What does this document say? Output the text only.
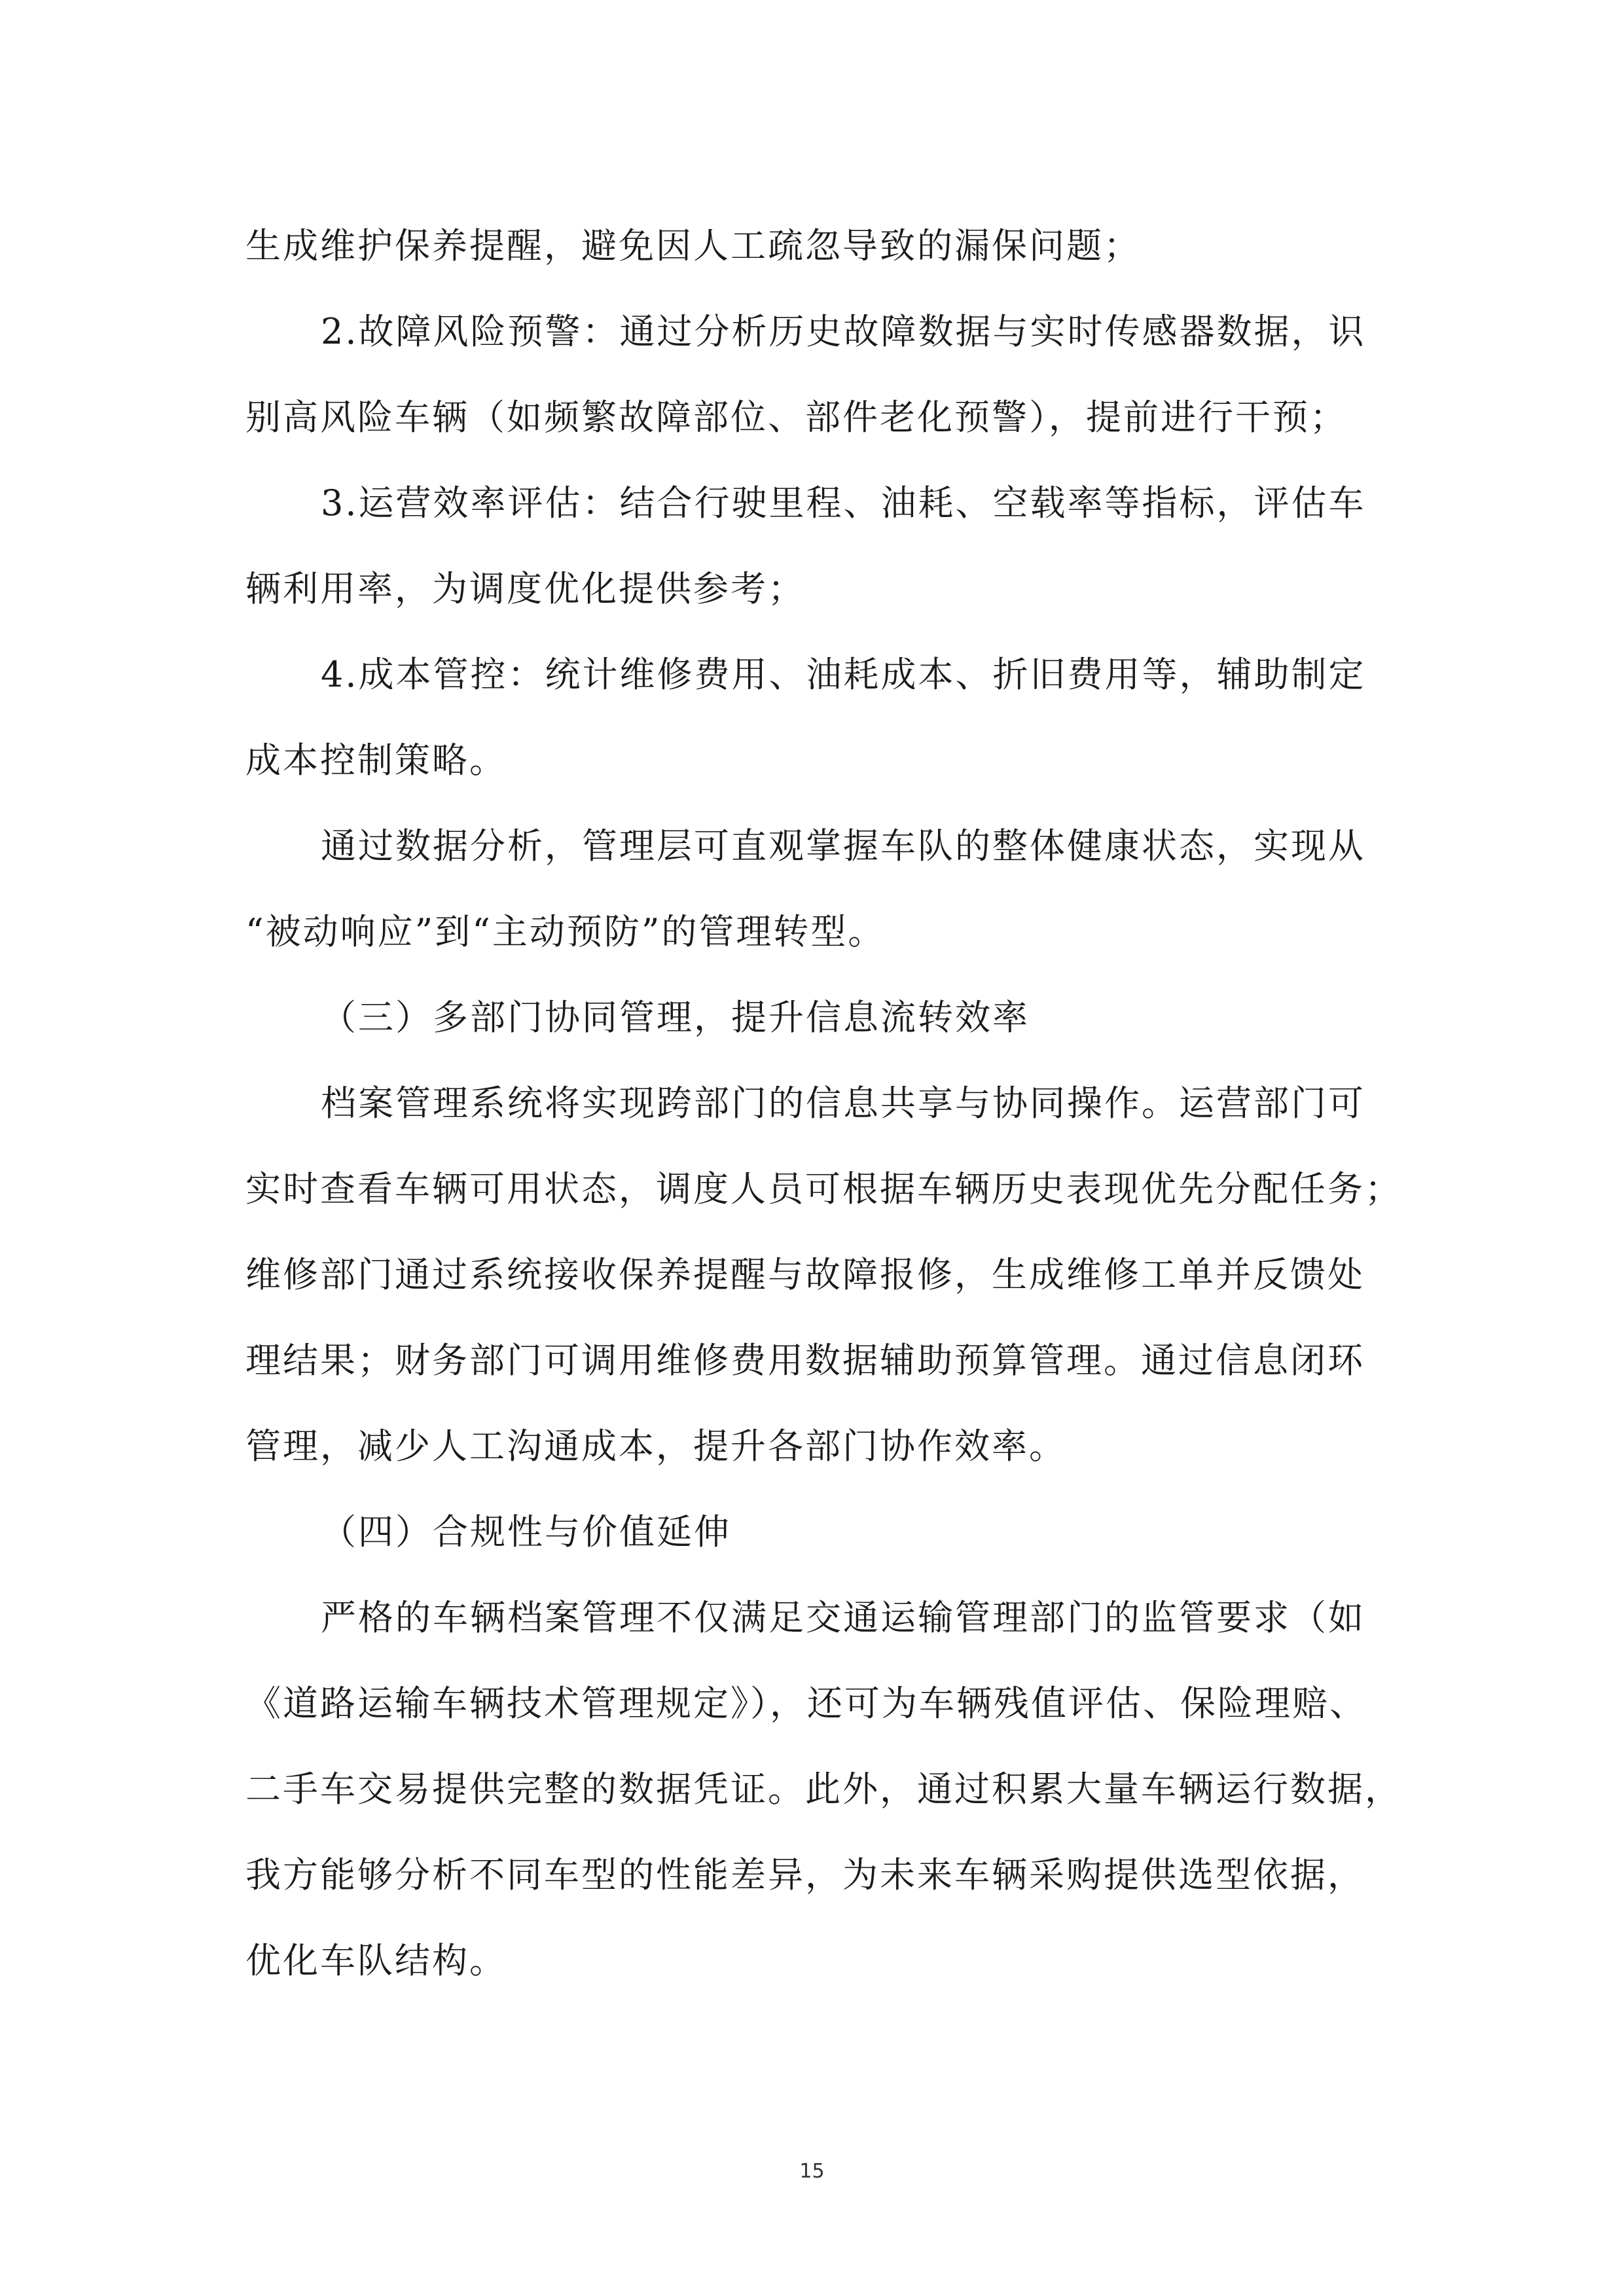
生成维护保养提醒，避免因人工疏忽导致的漏保问题；
2.故障风险预警：通过分析历史故障数据与实时传感器数据，识
别高风险车辆（如频繁故障部位、部件老化预警），提前进行干预；
3.运营效率评估：结合行驶里程、油耗、空载率等指标，评估车
辆利用率，为调度优化提供参考；
4.成本管控：统计维修费用、油耗成本、折旧费用等，辅助制定
成本控制策略。
通过数据分析，管理层可直观掌握车队的整体健康状态，实现从
“被动响应”到“主动预防”的管理转型。
（三）多部门协同管理，提升信息流转效率
档案管理系统将实现跨部门的信息共享与协同操作。运营部门可
实时查看车辆可用状态，调度人员可根据车辆历史表现优先分配任务；
维修部门通过系统接收保养提醒与故障报修，生成维修工单并反馈处
理结果；财务部门可调用维修费用数据辅助预算管理。通过信息闭环
管理，减少人工沟通成本，提升各部门协作效率。
（四）合规性与价值延伸
严格的车辆档案管理不仅满足交通运输管理部门的监管要求（如
《道路运输车辆技术管理规定》），还可为车辆残值评估、保险理赔、
二手车交易提供完整的数据凭证。此外，通过积累大量车辆运行数据，
我方能够分析不同车型的性能差异，为未来车辆采购提供选型依据，
优化车队结构。
15
